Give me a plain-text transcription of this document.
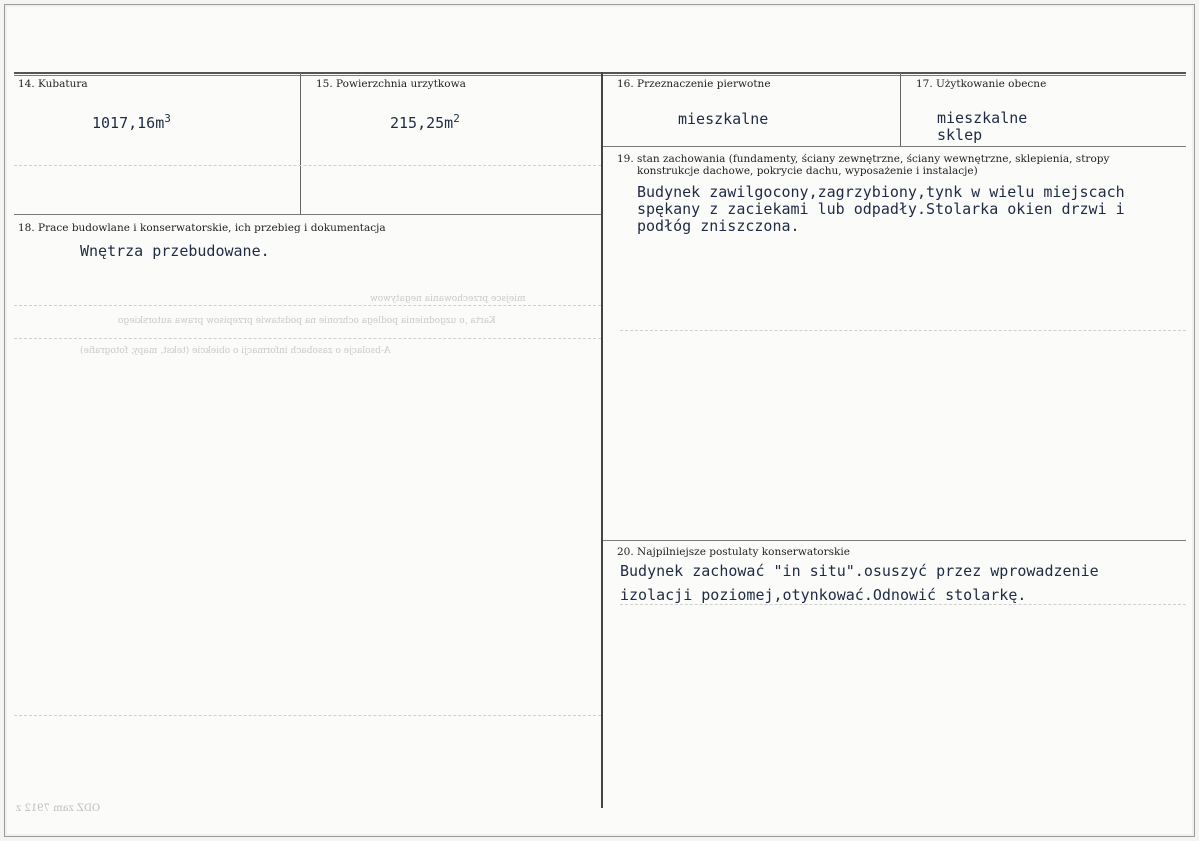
14. Kubatura
$1017,16m^3$
15. Powierzchnia urzytkowa
$215,25m^2$
16. Przeznaczenie pierwotne
mieszkalne
17. Użytkowanie obecne
mieszkalne
sklep
18. Prace budowlane i konserwatorskie, ich przebieg i dokumentacja
Wnętrza przebudowane.
19. stan zachowania (fundamenty, ściany zewnętrzne, ściany wewnętrzne, sklepienia, stropy
konstrukcje dachowe, pokrycie dachu, wyposażenie i instalacje)
Budynek zawilgocony,zagrzybiony,tynk w wielu miejscach
spękany z zaciekami lub odpadły.Stolarka okien drzwi i
podłóg zniszczona.
20. Najpilniejsze postulaty konserwatorskie
Budynek zachować "in situ".osuszyć przez wprowadzenie
izolacji poziomej,otynkować.Odnowić stolarkę.
Karta ,o uzgodnienia podlega ochronie na podstawie przepisow prawa autorskiego
miejsce przechowania negatywow
A-bsolacje o zasobach informacji o obiekcie (tekst, mapy, fotografie)
ODZ zam 7912 z
